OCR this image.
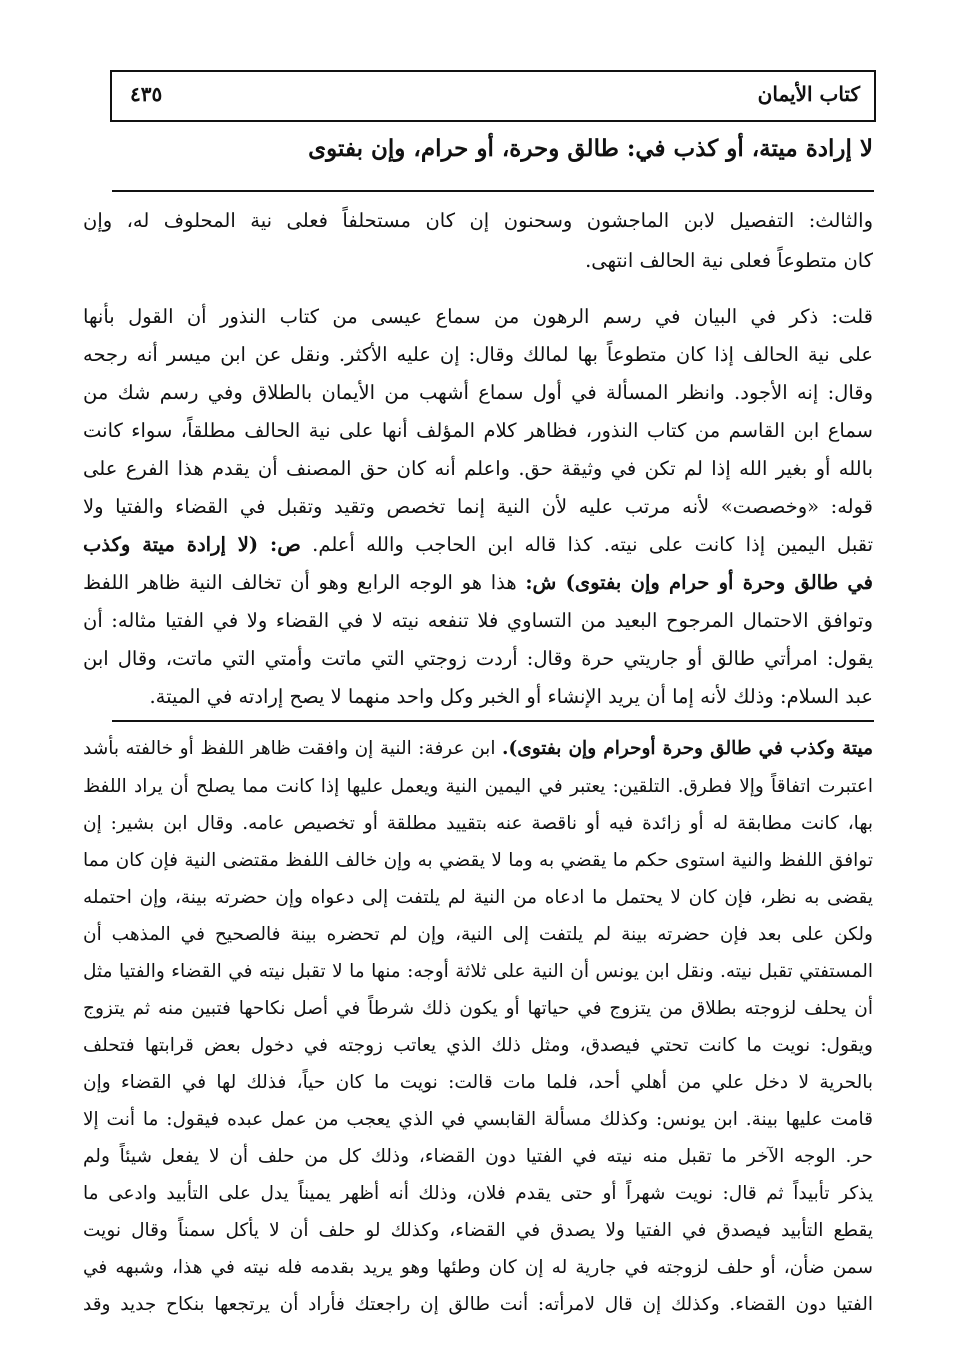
كتاب الأيمان
٤٣٥
لا إرادة ميتة، أو كذب في: طالق وحرة، أو حرام، وإن بفتوى
والثالث: التفصيل لابن الماجشون وسحنون إن كان مستحلفاً فعلى نية المحلوف له، وإن
كان متطوعاً فعلى نية الحالف انتهى.
قلت: ذكر في البيان في رسم الرهون من سماع عيسى من كتاب النذور أن القول بأنها
على نية الحالف إذا كان متطوعاً بها لمالك وقال: إن عليه الأكثر. ونقل عن ابن ميسر أنه رجحه
وقال: إنه الأجود. وانظر المسألة في أول سماع أشهب من الأيمان بالطلاق وفي رسم شك من
سماع ابن القاسم من كتاب النذور، فظاهر كلام المؤلف أنها على نية الحالف مطلقاً، سواء كانت
بالله أو بغير الله إذا لم تكن في وثيقة حق. واعلم أنه كان حق المصنف أن يقدم هذا الفرع على
قوله: «وخصصت» لأنه مرتب عليه لأن النية إنما تخصص وتقيد وتقبل في القضاء والفتيا ولا
تقبل اليمين إذا كانت على نيته. كذا قاله ابن الحاجب والله أعلم. ص: (لا إرادة ميتة وكذب
في طالق وحرة أو حرام وإن بفتوى) ش: هذا هو الوجه الرابع وهو أن تخالف النية ظاهر اللفظ
وتوافق الاحتمال المرجوح البعيد من التساوي فلا تنفعه نيته لا في القضاء ولا في الفتيا مثاله: أن
يقول: امرأتي طالق أو جاريتي حرة وقال: أردت زوجتي التي ماتت وأمتي التي ماتت، وقال ابن
عبد السلام: وذلك لأنه إما أن يريد الإنشاء أو الخبر وكل واحد منهما لا يصح إرادته في الميتة.
ميتة وكذب في طالق وحرة أوحرام وإن بفتوى). ابن عرفة: النية إن وافقت ظاهر اللفظ أو خالفته بأشد
اعتبرت اتفاقاً وإلا فطرق. التلقين: يعتبر في اليمين النية ويعمل عليها إذا كانت مما يصلح أن يراد اللفظ
بها، كانت مطابقة له أو زائدة فيه أو ناقصة عنه بتقييد مطلقة أو تخصيص عامه. وقال ابن بشير: إن
توافق اللفظ والنية استوى حكم ما يقضي به وما لا يقضي به وإن خالف اللفظ مقتضى النية فإن كان مما
يقضى به نظر، فإن كان لا يحتمل ما ادعاه من النية لم يلتفت إلى دعواه وإن حضرته بينة، وإن احتمله
ولكن على بعد فإن حضرته بينة لم يلتفت إلى النية، وإن لم تحضره بينة فالصحيح في المذهب أن
المستفتي تقبل نيته. ونقل ابن يونس أن النية على ثلاثة أوجه: منها ما لا تقبل نيته في القضاء والفتيا مثل
أن يحلف لزوجته بطلاق من يتزوج في حياتها أو يكون ذلك شرطاً في أصل نكاحها فتبين منه ثم يتزوج
ويقول: نويت ما كانت تحتي فيصدق، ومثل ذلك الذي يعاتب زوجته في دخول بعض قرابتها فتحلف
بالحرية لا دخل علي من أهلي أحد، فلما مات قالت: نويت ما كان حياً، فذلك لها في القضاء وإن
قامت عليها بينة. ابن يونس: وكذلك مسألة القابسي في الذي يعجب من عمل عبده فيقول: ما أنت إلا
حر. الوجه الآخر ما تقبل منه نيته في الفتيا دون القضاء، وذلك كل من حلف أن لا يفعل شيئاً ولم
يذكر تأبيداً ثم قال: نويت شهراً أو حتى يقدم فلان، وذلك أنه أظهر يميناً يدل على التأبيد وادعى ما
يقطع التأبيد فيصدق في الفتيا ولا يصدق في القضاء، وكذلك لو حلف أن لا يأكل سمناً وقال نويت
سمن ضأن، أو حلف لزوجته في جارية له إن كان وطئها وهو يريد بقدمه فله نيته في هذا، وشبهه في
الفتيا دون القضاء. وكذلك إن قال لامرأته: أنت طالق إن راجعتك فأراد أن يرتجعها بنكاح جديد وقد
